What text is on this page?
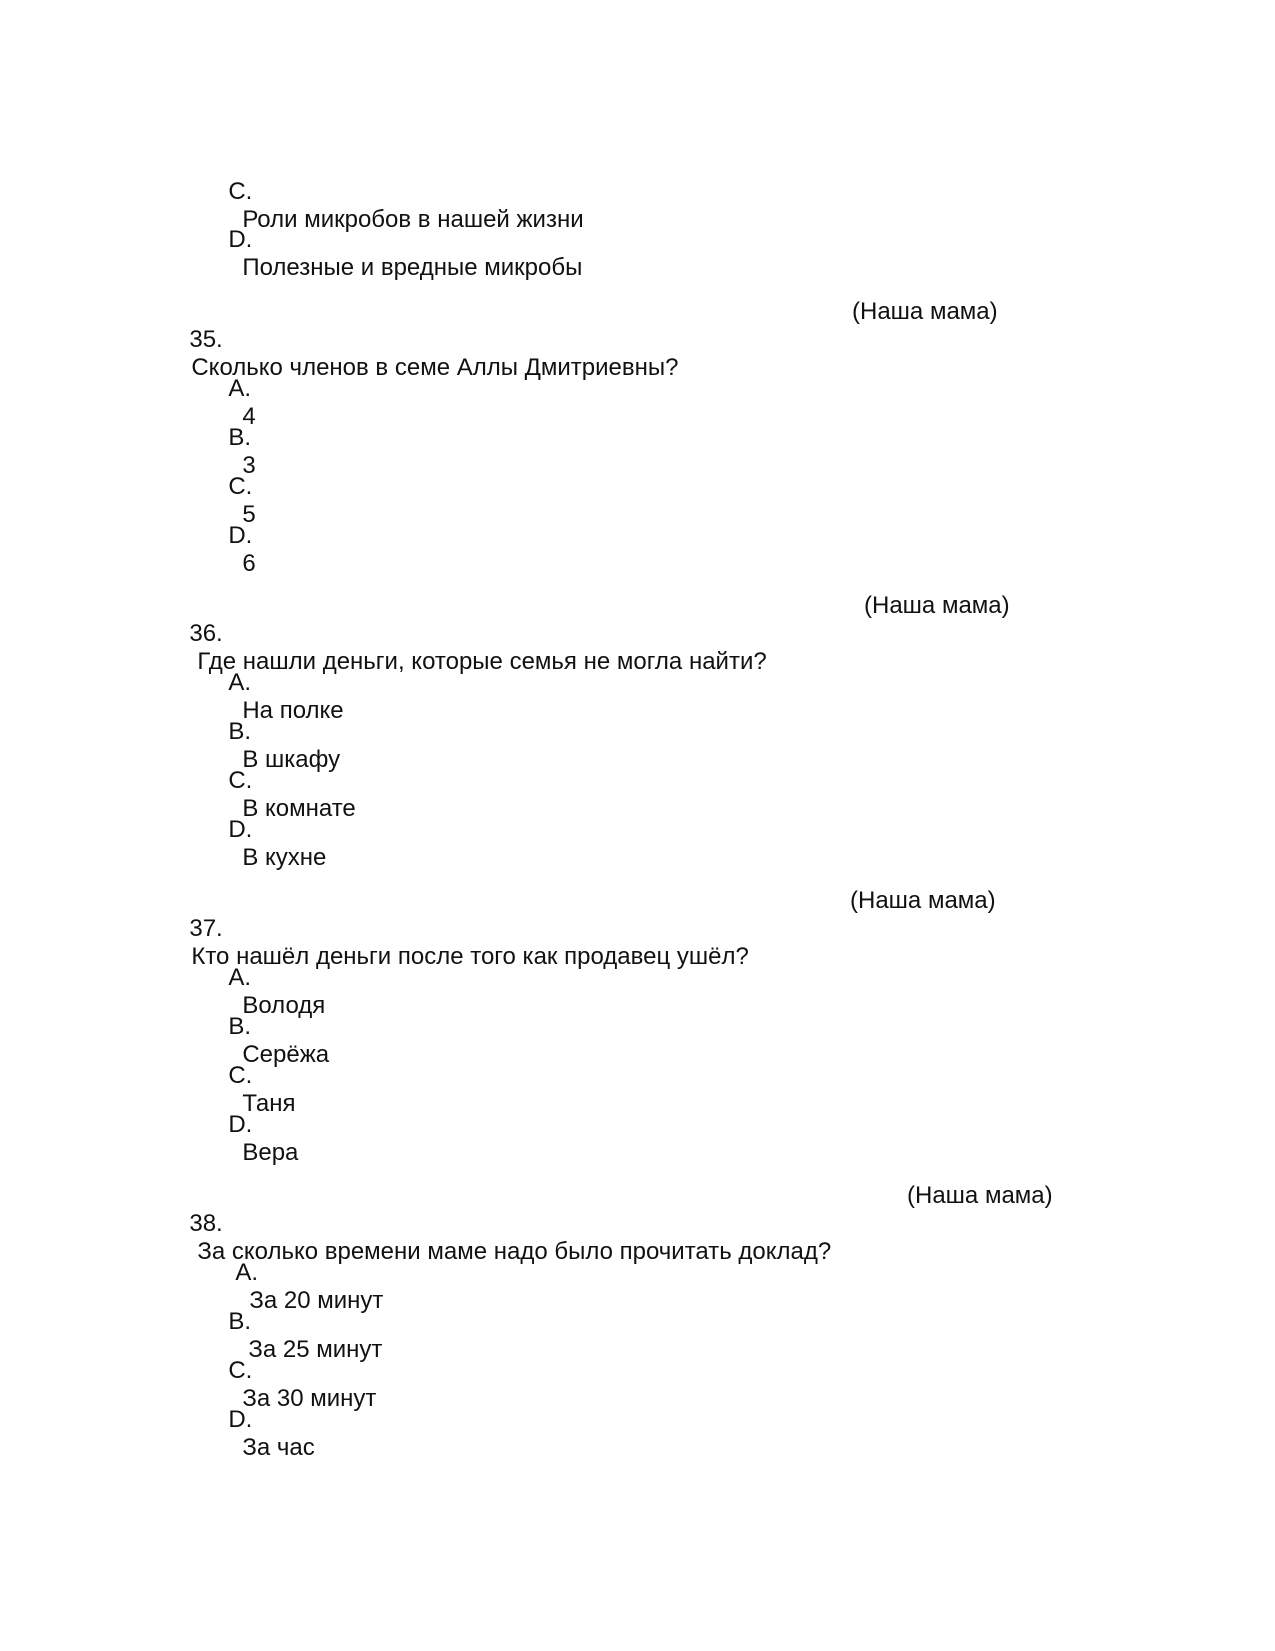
C.
Роли микробов в нашей жизни

D.
Полезные и вредные микробы

35.
Сколько членов в семе Аллы Дмитриевны?

(Наша мама)

A.
4

B.
3

C.
5

D.
6

36.
Где нашли деньги, которые семья не могла найти?

(Наша мама)

A.
На полке

B.
В шкафу

C.
В комнате

D.
В кухне

37.
Кто нашёл деньги после того как продавец ушёл?

(Наша мама)

A.
Володя

B.
Серёжа

C.
Таня

D.
Вера

38.
За сколько времени маме надо было прочитать доклад?

(Наша мама)

A.
За 20 минут

B.
За 25 минут

C.
За 30 минут

D.
За час
